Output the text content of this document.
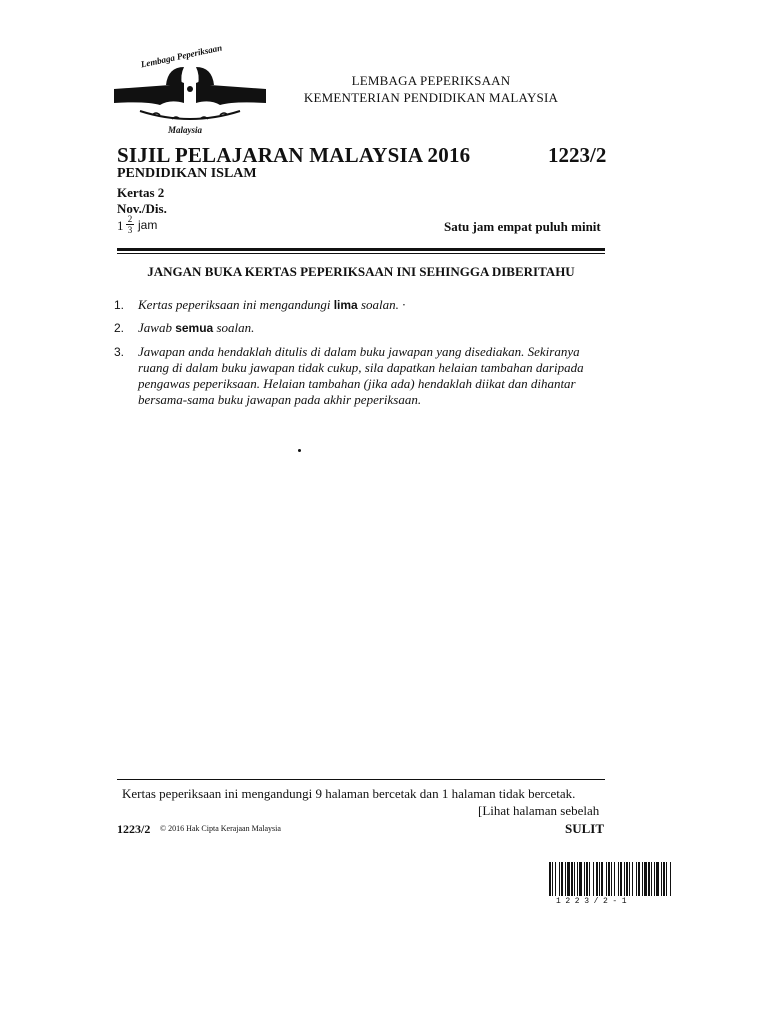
Lembaga Peperiksaan
Malaysia
LEMBAGA PEPERIKSAAN
KEMENTERIAN PENDIDIKAN MALAYSIA
SIJIL PELAJARAN MALAYSIA 2016	1223/2
PENDIDIKAN ISLAM
Kertas 2
Nov./Dis.
$1 \frac{2}{3}$ jam	Satu jam empat puluh minit
JANGAN BUKA KERTAS PEPERIKSAAN INI SEHINGGA DIBERITAHU
1. Kertas peperiksaan ini mengandungi lima soalan. ·
2. Jawab semua soalan.
3. Jawapan anda hendaklah ditulis di dalam buku jawapan yang disediakan. Sekiranya ruang di dalam buku jawapan tidak cukup, sila dapatkan helaian tambahan daripada pengawas peperiksaan. Helaian tambahan (jika ada) hendaklah diikat dan dihantar bersama-sama buku jawapan pada akhir peperiksaan.
Kertas peperiksaan ini mengandungi 9 halaman bercetak dan 1 halaman tidak bercetak.
[Lihat halaman sebelah
1223/2 © 2016 Hak Cipta Kerajaan Malaysia	SULIT
1223/2-1
